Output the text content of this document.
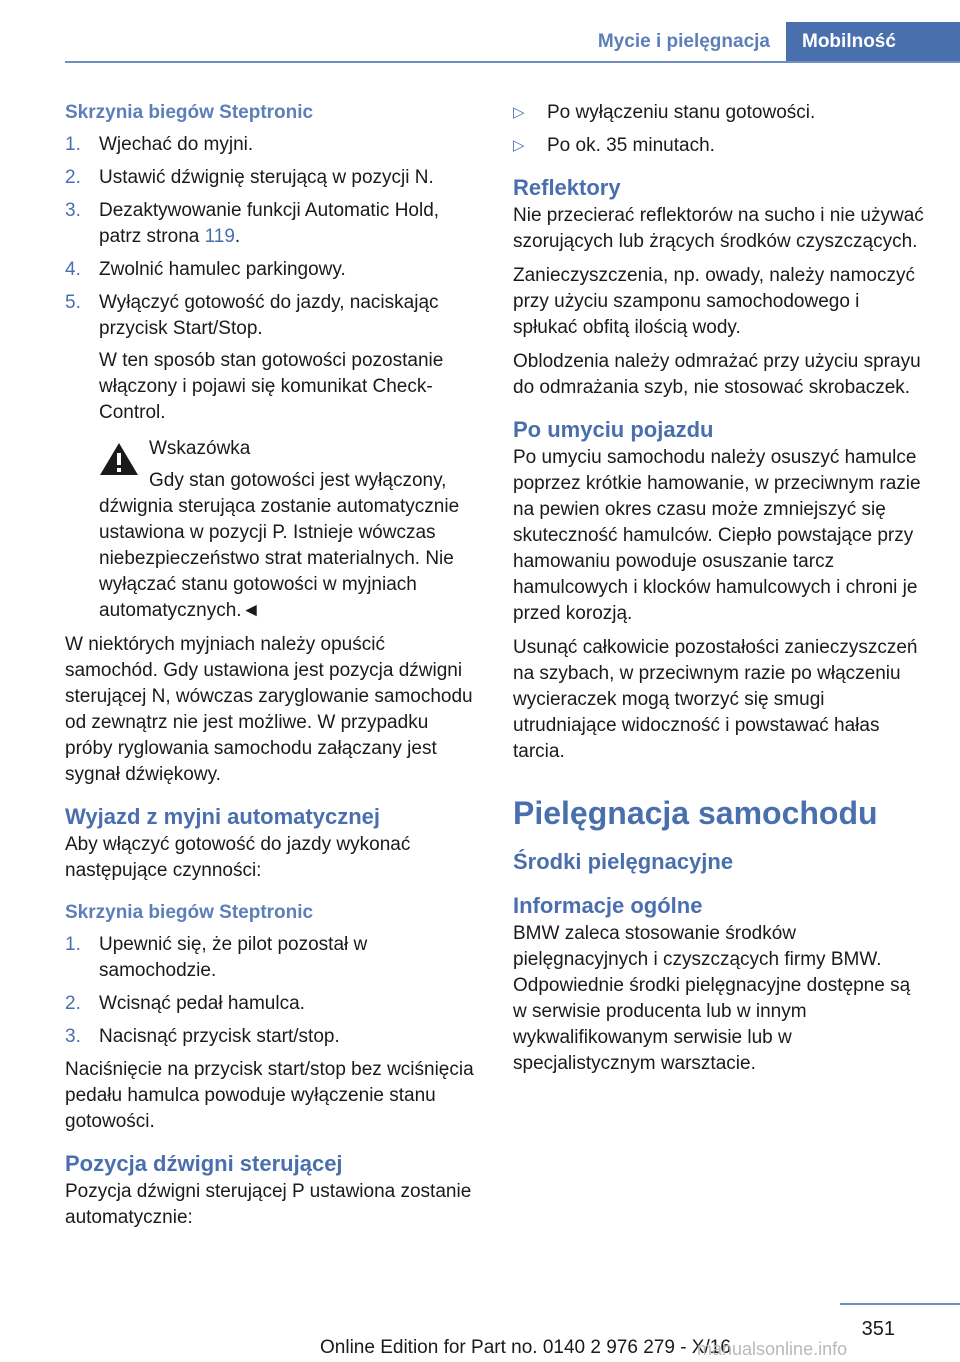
Mycie i pielęgnacja	Mobilność
Skrzynia biegów Steptronic
1. Wjechać do myjni.
2. Ustawić dźwignię sterującą w pozycji N.
3. Dezaktywowanie funkcji Automatic Hold, patrz strona 119.
4. Zwolnić hamulec parkingowy.
5. Wyłączyć gotowość do jazdy, naciskając przycisk Start/Stop.
W ten sposób stan gotowości pozostanie włączony i pojawi się komunikat Check-Control.
Wskazówka
Gdy stan gotowości jest wyłączony, dźwignia sterująca zostanie automatycznie ustawiona w pozycji P. Istnieje wówczas niebezpieczeństwo strat materialnych. Nie wyłączać stanu gotowości w myjniach automatycznych.◄
W niektórych myjniach należy opuścić samochód. Gdy ustawiona jest pozycja dźwigni sterującej N, wówczas zaryglowanie samochodu od zewnątrz nie jest możliwe. W przypadku próby ryglowania samochodu załączany jest sygnał dźwiękowy.
Wyjazd z myjni automatycznej
Aby włączyć gotowość do jazdy wykonać następujące czynności:
Skrzynia biegów Steptronic
1. Upewnić się, że pilot pozostał w samochodzie.
2. Wcisnąć pedał hamulca.
3. Nacisnąć przycisk start/stop.
Naciśnięcie na przycisk start/stop bez wciśnięcia pedału hamulca powoduje wyłączenie stanu gotowości.
Pozycja dźwigni sterującej
Pozycja dźwigni sterującej P ustawiona zostanie automatycznie:
▷ Po wyłączeniu stanu gotowości.
▷ Po ok. 35 minutach.
Reflektory
Nie przecierać reflektorów na sucho i nie używać szorujących lub żrących środków czyszczących.
Zanieczyszczenia, np. owady, należy namoczyć przy użyciu szamponu samochodowego i spłukać obfitą ilością wody.
Oblodzenia należy odmrażać przy użyciu sprayu do odmrażania szyb, nie stosować skrobaczek.
Po umyciu pojazdu
Po umyciu samochodu należy osuszyć hamulce poprzez krótkie hamowanie, w przeciwnym razie na pewien okres czasu może zmniejszyć się skuteczność hamulców. Ciepło powstające przy hamowaniu powoduje osuszanie tarcz hamulcowych i klocków hamulcowych i chroni je przed korozją.
Usunąć całkowicie pozostałości zanieczyszczeń na szybach, w przeciwnym razie po włączeniu wycieraczek mogą tworzyć się smugi utrudniające widoczność i powstawać hałas tarcia.
Pielęgnacja samochodu
Środki pielęgnacyjne
Informacje ogólne
BMW zaleca stosowanie środków pielęgnacyjnych i czyszczących firmy BMW. Odpowiednie środki pielęgnacyjne dostępne są w serwisie producenta lub w innym wykwalifikowanym serwisie lub w specjalistycznym warsztacie.
351
Online Edition for Part no. 0140 2 976 279 - X/16
manualsonline.info
